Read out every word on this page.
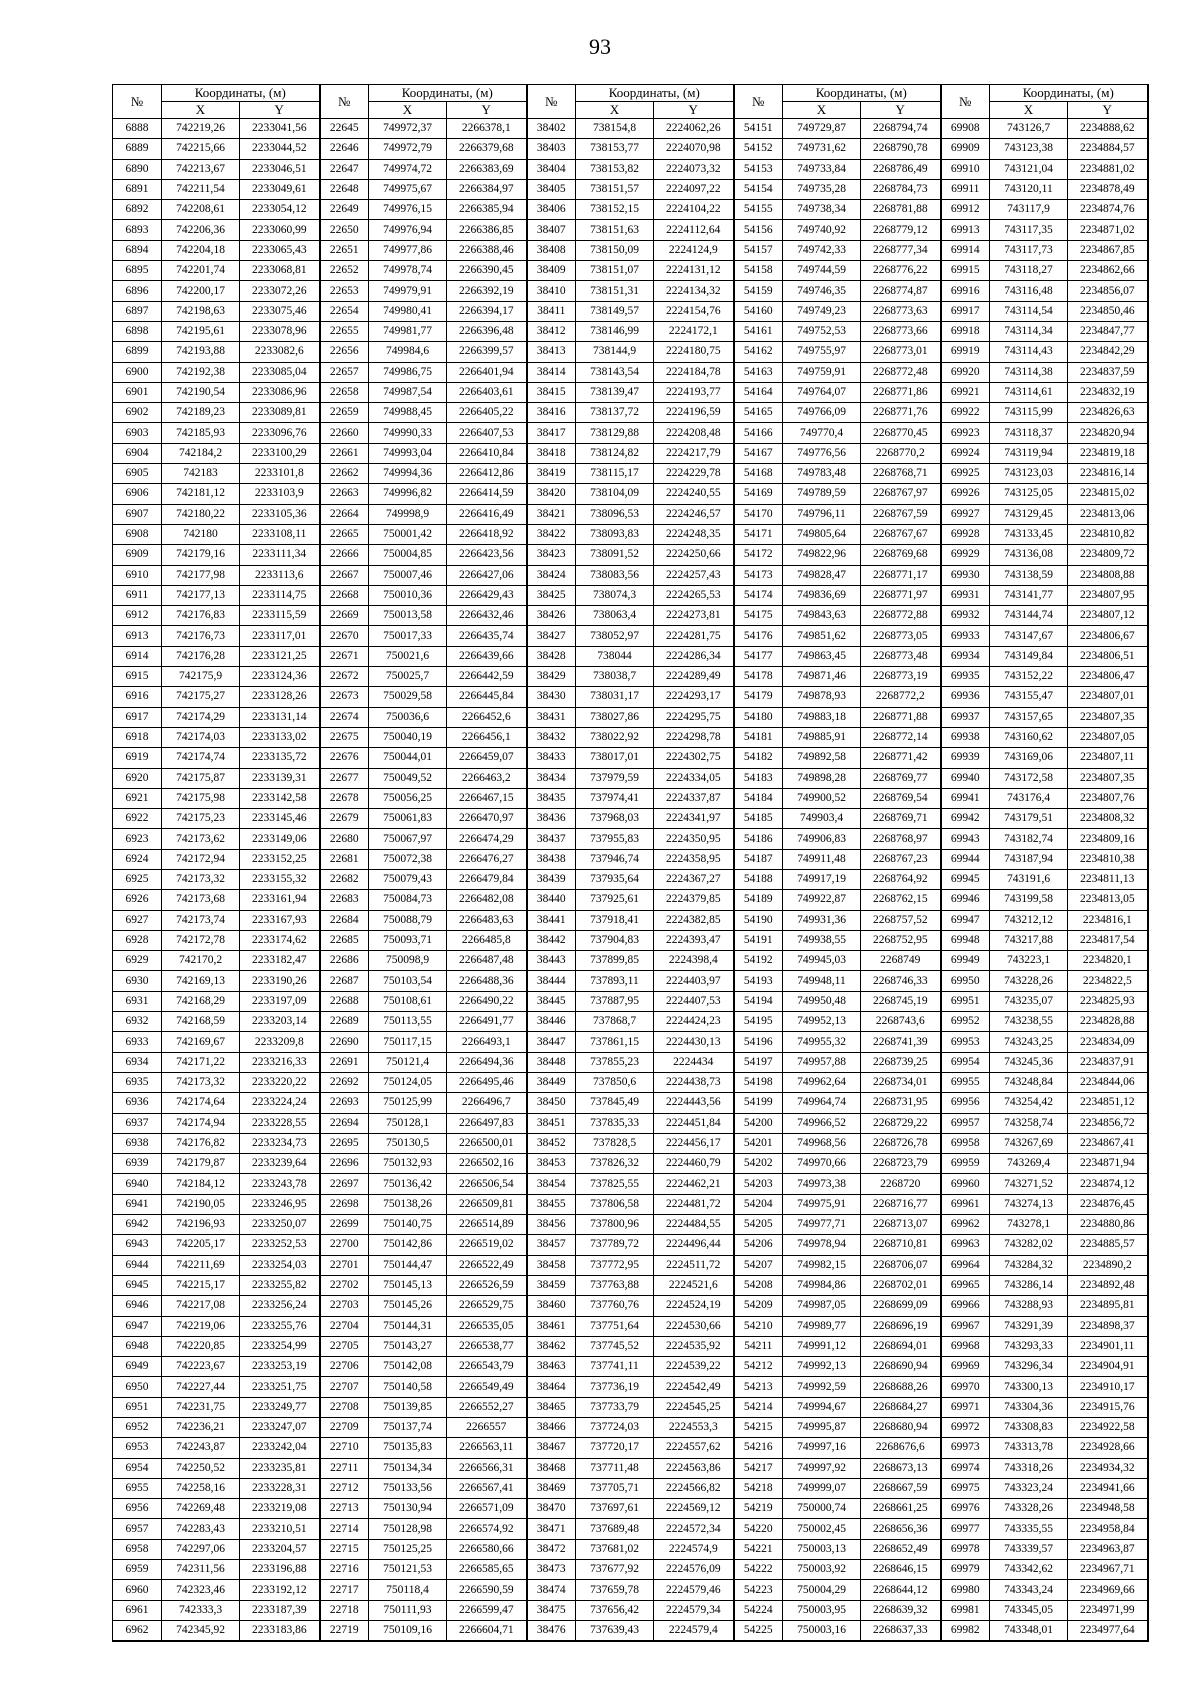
93
№	Координаты, (м)		№	Координаты, (м)		№	Координаты, (м)		№	Координаты, (м)		№	Координаты, (м)	
	X	Y		X	Y		X	Y		X	Y		X	Y
6888	742219,26	2233041,56	22645	749972,37	2266378,1	38402	738154,8	2224062,26	54151	749729,87	2268794,74	69908	743126,7	2234888,62
6889	742215,66	2233044,52	22646	749972,79	2266379,68	38403	738153,77	2224070,98	54152	749731,62	2268790,78	69909	743123,38	2234884,57
6890	742213,67	2233046,51	22647	749974,72	2266383,69	38404	738153,82	2224073,32	54153	749733,84	2268786,49	69910	743121,04	2234881,02
6891	742211,54	2233049,61	22648	749975,67	2266384,97	38405	738151,57	2224097,22	54154	749735,28	2268784,73	69911	743120,11	2234878,49
6892	742208,61	2233054,12	22649	749976,15	2266385,94	38406	738152,15	2224104,22	54155	749738,34	2268781,88	69912	743117,9	2234874,76
6893	742206,36	2233060,99	22650	749976,94	2266386,85	38407	738151,63	2224112,64	54156	749740,92	2268779,12	69913	743117,35	2234871,02
6894	742204,18	2233065,43	22651	749977,86	2266388,46	38408	738150,09	2224124,9	54157	749742,33	2268777,34	69914	743117,73	2234867,85
6895	742201,74	2233068,81	22652	749978,74	2266390,45	38409	738151,07	2224131,12	54158	749744,59	2268776,22	69915	743118,27	2234862,66
6896	742200,17	2233072,26	22653	749979,91	2266392,19	38410	738151,31	2224134,32	54159	749746,35	2268774,87	69916	743116,48	2234856,07
6897	742198,63	2233075,46	22654	749980,41	2266394,17	38411	738149,57	2224154,76	54160	749749,23	2268773,63	69917	743114,54	2234850,46
6898	742195,61	2233078,96	22655	749981,77	2266396,48	38412	738146,99	2224172,1	54161	749752,53	2268773,66	69918	743114,34	2234847,77
6899	742193,88	2233082,6	22656	749984,6	2266399,57	38413	738144,9	2224180,75	54162	749755,97	2268773,01	69919	743114,43	2234842,29
6900	742192,38	2233085,04	22657	749986,75	2266401,94	38414	738143,54	2224184,78	54163	749759,91	2268772,48	69920	743114,38	2234837,59
6901	742190,54	2233086,96	22658	749987,54	2266403,61	38415	738139,47	2224193,77	54164	749764,07	2268771,86	69921	743114,61	2234832,19
6902	742189,23	2233089,81	22659	749988,45	2266405,22	38416	738137,72	2224196,59	54165	749766,09	2268771,76	69922	743115,99	2234826,63
6903	742185,93	2233096,76	22660	749990,33	2266407,53	38417	738129,88	2224208,48	54166	749770,4	2268770,45	69923	743118,37	2234820,94
6904	742184,2	2233100,29	22661	749993,04	2266410,84	38418	738124,82	2224217,79	54167	749776,56	2268770,2	69924	743119,94	2234819,18
6905	742183	2233101,8	22662	749994,36	2266412,86	38419	738115,17	2224229,78	54168	749783,48	2268768,71	69925	743123,03	2234816,14
6906	742181,12	2233103,9	22663	749996,82	2266414,59	38420	738104,09	2224240,55	54169	749789,59	2268767,97	69926	743125,05	2234815,02
6907	742180,22	2233105,36	22664	749998,9	2266416,49	38421	738096,53	2224246,57	54170	749796,11	2268767,59	69927	743129,45	2234813,06
6908	742180	2233108,11	22665	750001,42	2266418,92	38422	738093,83	2224248,35	54171	749805,64	2268767,67	69928	743133,45	2234810,82
6909	742179,16	2233111,34	22666	750004,85	2266423,56	38423	738091,52	2224250,66	54172	749822,96	2268769,68	69929	743136,08	2234809,72
6910	742177,98	2233113,6	22667	750007,46	2266427,06	38424	738083,56	2224257,43	54173	749828,47	2268771,17	69930	743138,59	2234808,88
6911	742177,13	2233114,75	22668	750010,36	2266429,43	38425	738074,3	2224265,53	54174	749836,69	2268771,97	69931	743141,77	2234807,95
6912	742176,83	2233115,59	22669	750013,58	2266432,46	38426	738063,4	2224273,81	54175	749843,63	2268772,88	69932	743144,74	2234807,12
6913	742176,73	2233117,01	22670	750017,33	2266435,74	38427	738052,97	2224281,75	54176	749851,62	2268773,05	69933	743147,67	2234806,67
6914	742176,28	2233121,25	22671	750021,6	2266439,66	38428	738044	2224286,34	54177	749863,45	2268773,48	69934	743149,84	2234806,51
6915	742175,9	2233124,36	22672	750025,7	2266442,59	38429	738038,7	2224289,49	54178	749871,46	2268773,19	69935	743152,22	2234806,47
6916	742175,27	2233128,26	22673	750029,58	2266445,84	38430	738031,17	2224293,17	54179	749878,93	2268772,2	69936	743155,47	2234807,01
6917	742174,29	2233131,14	22674	750036,6	2266452,6	38431	738027,86	2224295,75	54180	749883,18	2268771,88	69937	743157,65	2234807,35
6918	742174,03	2233133,02	22675	750040,19	2266456,1	38432	738022,92	2224298,78	54181	749885,91	2268772,14	69938	743160,62	2234807,05
6919	742174,74	2233135,72	22676	750044,01	2266459,07	38433	738017,01	2224302,75	54182	749892,58	2268771,42	69939	743169,06	2234807,11
6920	742175,87	2233139,31	22677	750049,52	2266463,2	38434	737979,59	2224334,05	54183	749898,28	2268769,77	69940	743172,58	2234807,35
6921	742175,98	2233142,58	22678	750056,25	2266467,15	38435	737974,41	2224337,87	54184	749900,52	2268769,54	69941	743176,4	2234807,76
6922	742175,23	2233145,46	22679	750061,83	2266470,97	38436	737968,03	2224341,97	54185	749903,4	2268769,71	69942	743179,51	2234808,32
6923	742173,62	2233149,06	22680	750067,97	2266474,29	38437	737955,83	2224350,95	54186	749906,83	2268768,97	69943	743182,74	2234809,16
6924	742172,94	2233152,25	22681	750072,38	2266476,27	38438	737946,74	2224358,95	54187	749911,48	2268767,23	69944	743187,94	2234810,38
6925	742173,32	2233155,32	22682	750079,43	2266479,84	38439	737935,64	2224367,27	54188	749917,19	2268764,92	69945	743191,6	2234811,13
6926	742173,68	2233161,94	22683	750084,73	2266482,08	38440	737925,61	2224379,85	54189	749922,87	2268762,15	69946	743199,58	2234813,05
6927	742173,74	2233167,93	22684	750088,79	2266483,63	38441	737918,41	2224382,85	54190	749931,36	2268757,52	69947	743212,12	2234816,1
6928	742172,78	2233174,62	22685	750093,71	2266485,8	38442	737904,83	2224393,47	54191	749938,55	2268752,95	69948	743217,88	2234817,54
6929	742170,2	2233182,47	22686	750098,9	2266487,48	38443	737899,85	2224398,4	54192	749945,03	2268749	69949	743223,1	2234820,1
6930	742169,13	2233190,26	22687	750103,54	2266488,36	38444	737893,11	2224403,97	54193	749948,11	2268746,33	69950	743228,26	2234822,5
6931	742168,29	2233197,09	22688	750108,61	2266490,22	38445	737887,95	2224407,53	54194	749950,48	2268745,19	69951	743235,07	2234825,93
6932	742168,59	2233203,14	22689	750113,55	2266491,77	38446	737868,7	2224424,23	54195	749952,13	2268743,6	69952	743238,55	2234828,88
6933	742169,67	2233209,8	22690	750117,15	2266493,1	38447	737861,15	2224430,13	54196	749955,32	2268741,39	69953	743243,25	2234834,09
6934	742171,22	2233216,33	22691	750121,4	2266494,36	38448	737855,23	2224434	54197	749957,88	2268739,25	69954	743245,36	2234837,91
6935	742173,32	2233220,22	22692	750124,05	2266495,46	38449	737850,6	2224438,73	54198	749962,64	2268734,01	69955	743248,84	2234844,06
6936	742174,64	2233224,24	22693	750125,99	2266496,7	38450	737845,49	2224443,56	54199	749964,74	2268731,95	69956	743254,42	2234851,12
6937	742174,94	2233228,55	22694	750128,1	2266497,83	38451	737835,33	2224451,84	54200	749966,52	2268729,22	69957	743258,74	2234856,72
6938	742176,82	2233234,73	22695	750130,5	2266500,01	38452	737828,5	2224456,17	54201	749968,56	2268726,78	69958	743267,69	2234867,41
6939	742179,87	2233239,64	22696	750132,93	2266502,16	38453	737826,32	2224460,79	54202	749970,66	2268723,79	69959	743269,4	2234871,94
6940	742184,12	2233243,78	22697	750136,42	2266506,54	38454	737825,55	2224462,21	54203	749973,38	2268720	69960	743271,52	2234874,12
6941	742190,05	2233246,95	22698	750138,26	2266509,81	38455	737806,58	2224481,72	54204	749975,91	2268716,77	69961	743274,13	2234876,45
6942	742196,93	2233250,07	22699	750140,75	2266514,89	38456	737800,96	2224484,55	54205	749977,71	2268713,07	69962	743278,1	2234880,86
6943	742205,17	2233252,53	22700	750142,86	2266519,02	38457	737789,72	2224496,44	54206	749978,94	2268710,81	69963	743282,02	2234885,57
6944	742211,69	2233254,03	22701	750144,47	2266522,49	38458	737772,95	2224511,72	54207	749982,15	2268706,07	69964	743284,32	2234890,2
6945	742215,17	2233255,82	22702	750145,13	2266526,59	38459	737763,88	2224521,6	54208	749984,86	2268702,01	69965	743286,14	2234892,48
6946	742217,08	2233256,24	22703	750145,26	2266529,75	38460	737760,76	2224524,19	54209	749987,05	2268699,09	69966	743288,93	2234895,81
6947	742219,06	2233255,76	22704	750144,31	2266535,05	38461	737751,64	2224530,66	54210	749989,77	2268696,19	69967	743291,39	2234898,37
6948	742220,85	2233254,99	22705	750143,27	2266538,77	38462	737745,52	2224535,92	54211	749991,12	2268694,01	69968	743293,33	2234901,11
6949	742223,67	2233253,19	22706	750142,08	2266543,79	38463	737741,11	2224539,22	54212	749992,13	2268690,94	69969	743296,34	2234904,91
6950	742227,44	2233251,75	22707	750140,58	2266549,49	38464	737736,19	2224542,49	54213	749992,59	2268688,26	69970	743300,13	2234910,17
6951	742231,75	2233249,77	22708	750139,85	2266552,27	38465	737733,79	2224545,25	54214	749994,67	2268684,27	69971	743304,36	2234915,76
6952	742236,21	2233247,07	22709	750137,74	2266557	38466	737724,03	2224553,3	54215	749995,87	2268680,94	69972	743308,83	2234922,58
6953	742243,87	2233242,04	22710	750135,83	2266563,11	38467	737720,17	2224557,62	54216	749997,16	2268676,6	69973	743313,78	2234928,66
6954	742250,52	2233235,81	22711	750134,34	2266566,31	38468	737711,48	2224563,86	54217	749997,92	2268673,13	69974	743318,26	2234934,32
6955	742258,16	2233228,31	22712	750133,56	2266567,41	38469	737705,71	2224566,82	54218	749999,07	2268667,59	69975	743323,24	2234941,66
6956	742269,48	2233219,08	22713	750130,94	2266571,09	38470	737697,61	2224569,12	54219	750000,74	2268661,25	69976	743328,26	2234948,58
6957	742283,43	2233210,51	22714	750128,98	2266574,92	38471	737689,48	2224572,34	54220	750002,45	2268656,36	69977	743335,55	2234958,84
6958	742297,06	2233204,57	22715	750125,25	2266580,66	38472	737681,02	2224574,9	54221	750003,13	2268652,49	69978	743339,57	2234963,87
6959	742311,56	2233196,88	22716	750121,53	2266585,65	38473	737677,92	2224576,09	54222	750003,92	2268646,15	69979	743342,62	2234967,71
6960	742323,46	2233192,12	22717	750118,4	2266590,59	38474	737659,78	2224579,46	54223	750004,29	2268644,12	69980	743343,24	2234969,66
6961	742333,3	2233187,39	22718	750111,93	2266599,47	38475	737656,42	2224579,34	54224	750003,95	2268639,32	69981	743345,05	2234971,99
6962	742345,92	2233183,86	22719	750109,16	2266604,71	38476	737639,43	2224579,4	54225	750003,16	2268637,33	69982	743348,01	2234977,64
